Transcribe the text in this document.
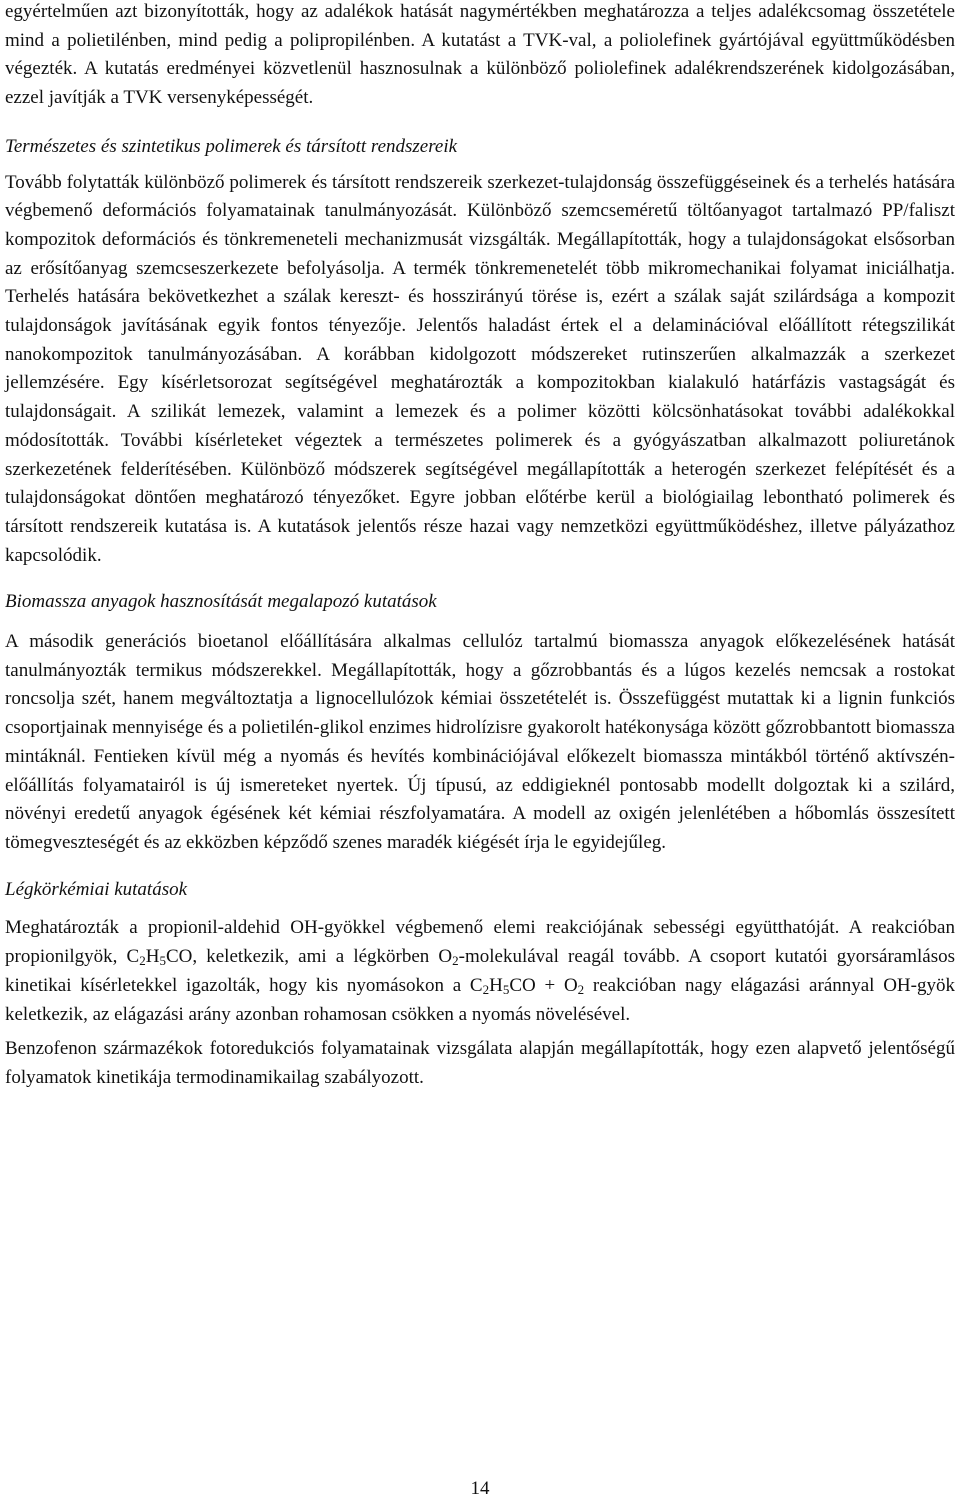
egyértelműen azt bizonyították, hogy az adalékok hatását nagymértékben meghatározza a teljes adalékcsomag összetétele mind a polietilénben, mind pedig a polipropilénben. A kutatást a TVK-val, a poliolefinek gyártójával együttműködésben végezték. A kutatás eredményei közvetlenül hasznosulnak a különböző poliolefinek adalékrendszerének kidolgozásában, ezzel javítják a TVK versenyképességét.

Természetes és szintetikus polimerek és társított rendszereik

Tovább folytatták különböző polimerek és társított rendszereik szerkezet-tulajdonság összefüggéseinek és a terhelés hatására végbemenő deformációs folyamatainak tanulmányozását. Különböző szemcseméretű töltőanyagot tartalmazó PP/faliszt kompozitok deformációs és tönkremeneteli mechanizmusát vizsgálták. Megállapították, hogy a tulajdonságokat elsősorban az erősítőanyag szemcseszerkezete befolyásolja. A termék tönkremenetelét több mikromechanikai folyamat iniciálhatja. Terhelés hatására bekövetkezhet a szálak kereszt- és hosszirányú törése is, ezért a szálak saját szilárdsága a kompozit tulajdonságok javításának egyik fontos tényezője. Jelentős haladást értek el a delaminációval előállított rétegszilikát nanokompozitok tanulmányozásában. A korábban kidolgozott módszereket rutinszerűen alkalmazzák a szerkezet jellemzésére. Egy kísérletsorozat segítségével meghatározták a kompozitokban kialakuló határfázis vastagságát és tulajdonságait. A szilikát lemezek, valamint a lemezek és a polimer közötti kölcsönhatásokat további adalékokkal módosították. További kísérleteket végeztek a természetes polimerek és a gyógyászatban alkalmazott poliuretánok szerkezetének felderítésében. Különböző módszerek segítségével megállapították a heterogén szerkezet felépítését és a tulajdonságokat döntően meghatározó tényezőket. Egyre jobban előtérbe kerül a biológiailag lebontható polimerek és társított rendszereik kutatása is. A kutatások jelentős része hazai vagy nemzetközi együttműködéshez, illetve pályázathoz kapcsolódik.

Biomassza anyagok hasznosítását megalapozó kutatások

A második generációs bioetanol előállítására alkalmas cellulóz tartalmú biomassza anyagok előkezelésének hatását tanulmányozták termikus módszerekkel. Megállapították, hogy a gőzrobbantás és a lúgos kezelés nemcsak a rostokat roncsolja szét, hanem megváltoztatja a lignocellulózok kémiai összetételét is. Összefüggést mutattak ki a lignin funkciós csoportjainak mennyisége és a polietilén-glikol enzimes hidrolízisre gyakorolt hatékonysága között gőzrobbantott biomassza mintáknál. Fentieken kívül még a nyomás és hevítés kombinációjával előkezelt biomassza mintákból történő aktívszén-előállítás folyamatairól is új ismereteket nyertek. Új típusú, az eddigieknél pontosabb modellt dolgoztak ki a szilárd, növényi eredetű anyagok égésének két kémiai részfolyamatára. A modell az oxigén jelenlétében a hőbomlás összesített tömegveszteségét és az ekközben képződő szenes maradék kiégését írja le egyidejűleg.

Légkörkémiai kutatások

Meghatározták a propionil-aldehid OH-gyökkel végbemenő elemi reakciójának sebességi együtthatóját. A reakcióban propionilgyök, $C_2H_5CO$, keletkezik, ami a légkörben $O_2$-molekulával reagál tovább. A csoport kutatói gyorsáramlásos kinetikai kísérletekkel igazolták, hogy kis nyomásokon a $C_2H_5CO + O_2$ reakcióban nagy elágazási aránnyal OH-gyök keletkezik, az elágazási arány azonban rohamosan csökken a nyomás növelésével.

Benzofenon származékok fotoredukciós folyamatainak vizsgálata alapján megállapították, hogy ezen alapvető jelentőségű folyamatok kinetikája termodinamikailag szabályozott.

14
